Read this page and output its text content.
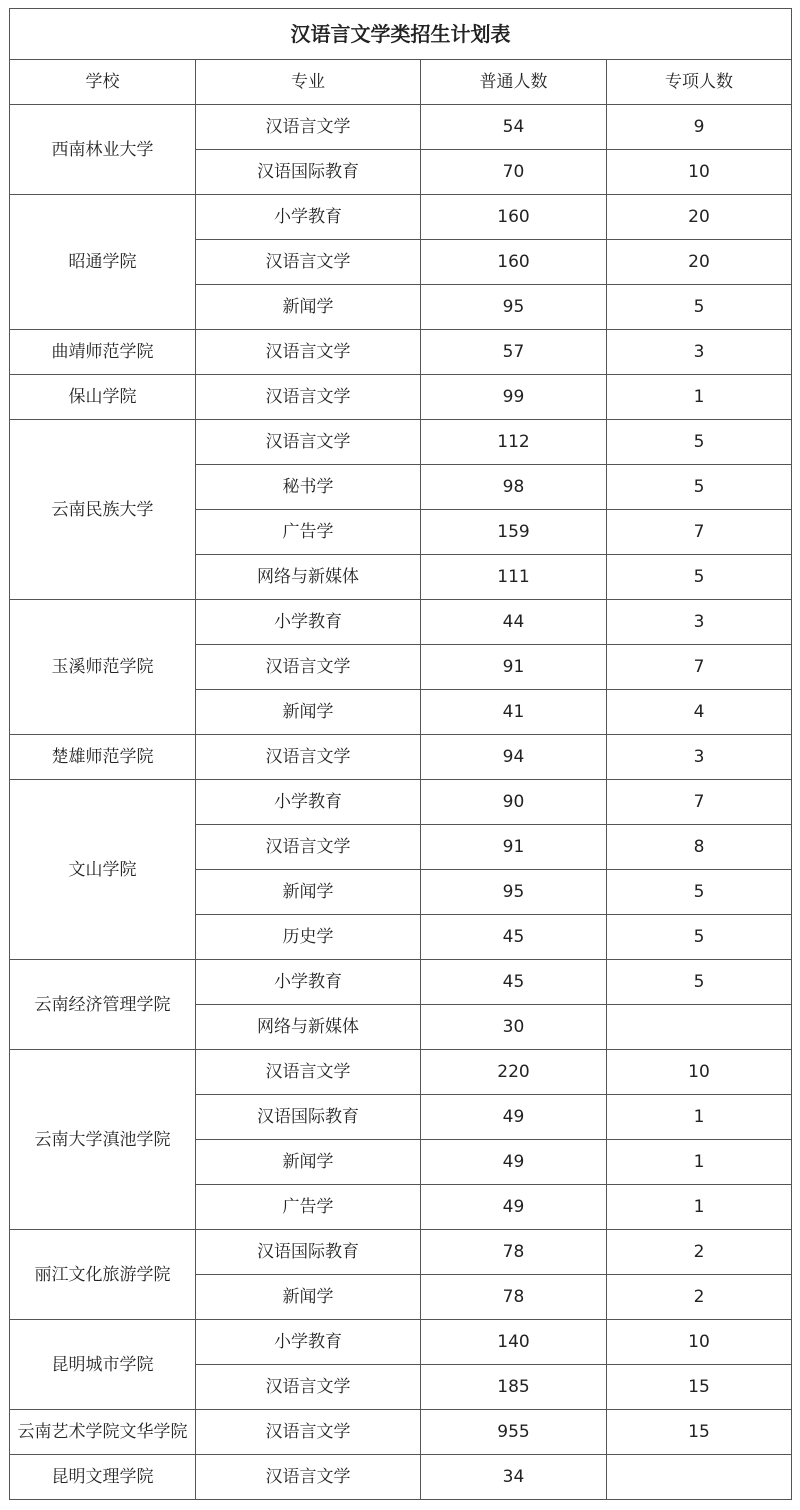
汉语言文学类招生计划表			
学校	专业	普通人数	专项人数
西南林业大学	汉语言文学	54	9
	汉语国际教育	70	10
昭通学院	小学教育	160	20
	汉语言文学	160	20
	新闻学	95	5
曲靖师范学院	汉语言文学	57	3
保山学院	汉语言文学	99	1
云南民族大学	汉语言文学	112	5
	秘书学	98	5
	广告学	159	7
	网络与新媒体	111	5
玉溪师范学院	小学教育	44	3
	汉语言文学	91	7
	新闻学	41	4
楚雄师范学院	汉语言文学	94	3
文山学院	小学教育	90	7
	汉语言文学	91	8
	新闻学	95	5
	历史学	45	5
云南经济管理学院	小学教育	45	5
	网络与新媒体	30	
云南大学滇池学院	汉语言文学	220	10
	汉语国际教育	49	1
	新闻学	49	1
	广告学	49	1
丽江文化旅游学院	汉语国际教育	78	2
	新闻学	78	2
昆明城市学院	小学教育	140	10
	汉语言文学	185	15
云南艺术学院文华学院	汉语言文学	955	15
昆明文理学院	汉语言文学	34	
